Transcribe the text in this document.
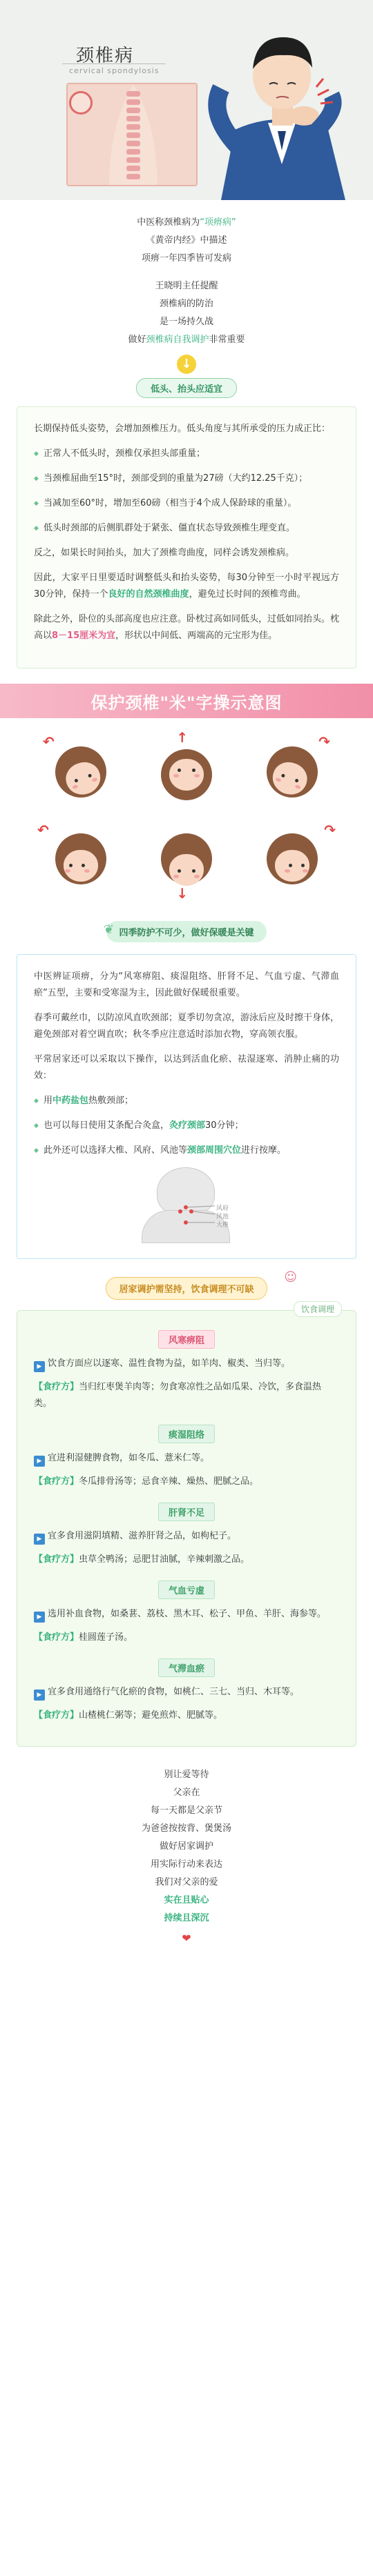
颈椎病
cervical spondylosis

中医称颈椎病为“项痹病”

《黄帝内经》中描述

项痹一年四季皆可发病

王晓明主任提醒

颈椎病的防治

是一场持久战

做好颈椎病自我调护非常重要

↓
低头、抬头应适宜

长期保持低头姿势，会增加颈椎压力。低头角度与其所承受的压力成正比：

◆ 正常人不低头时，颈椎仅承担头部重量；

◆ 当颈椎屈曲至15°时，颈部受到的重量为27磅（大约12.25千克）；

◆ 当减加至60°时，增加至60磅（相当于4个成人保龄球的重量）。

◆ 低头时颈部的后侧肌群处于紧张、僵直状态导致颈椎生理变直。

反之，如果长时间抬头，加大了颈椎弯曲度，同样会诱发颈椎病。

因此，大家平日里要适时调整低头和抬头姿势，每30分钟至一小时平视远方30分钟，保持一个良好的自然颈椎曲度，避免过长时间的颈椎弯曲。

除此之外，卧位的头部高度也应注意。卧枕过高如同低头，过低如同抬头。枕高以8－15厘米为宜，形状以中间低、两端高的元宝形为佳。

保护颈椎"米"字操示意图
↶	↑	↷
↶
↓
↷
❦ 四季防护不可少，做好保暖是关键

中医辨证项痹，分为“风寒痹阻、痰湿阻络、肝肾不足、气血亏虚、气滞血瘀”五型，主要和受寒湿为主，因此做好保暖很重要。

春季可戴丝巾，以防凉风直吹颈部；夏季切勿贪凉，游泳后应及时擦干身体，避免颈部对着空调直吹；秋冬季应注意适时添加衣物，穿高领衣服。

平常居家还可以采取以下操作，以达到活血化瘀、祛湿逐寒、消肿止痛的功效：

◆ 用中药盐包热敷颈部；

◆ 也可以每日使用艾条配合灸盒，灸疗颈部30分钟；

◆ 此外还可以选择大椎、风府、风池等颈部周围穴位进行按摩。

风府
风池
大椎
居家调护需坚持，饮食调理不可缺
☺
饮食调理
风寒痹阻

▶ 饮食方面应以逐寒、温性食物为益，如羊肉、椒类、当归等。

【食疗方】当归红枣煲羊肉等；勿食寒凉性之品如瓜果、冷饮，多食温热类。

痰湿阻络

▶ 宜进利湿健脾食物，如冬瓜、薏米仁等。

【食疗方】冬瓜排骨汤等；忌食辛辣、燥热、肥腻之品。

肝肾不足

▶ 宜多食用滋阴填精、滋养肝肾之品，如枸杞子。

【食疗方】虫草全鸭汤；忌肥甘油腻，辛辣刺激之品。

气血亏虚

▶ 选用补血食物，如桑葚、荔枝、黑木耳、松子、甲鱼、羊肝、海参等。

【食疗方】桂圆莲子汤。

气滞血瘀

▶ 宜多食用通络行气化瘀的食物，如桃仁、三七、当归、木耳等。

【食疗方】山楂桃仁粥等；避免煎炸、肥腻等。

别让爱等待

父亲在

每一天都是父亲节

为爸爸按按背、煲煲汤

做好居家调护

用实际行动来表达

我们对父亲的爱

实在且贴心

持续且深沉

❤
